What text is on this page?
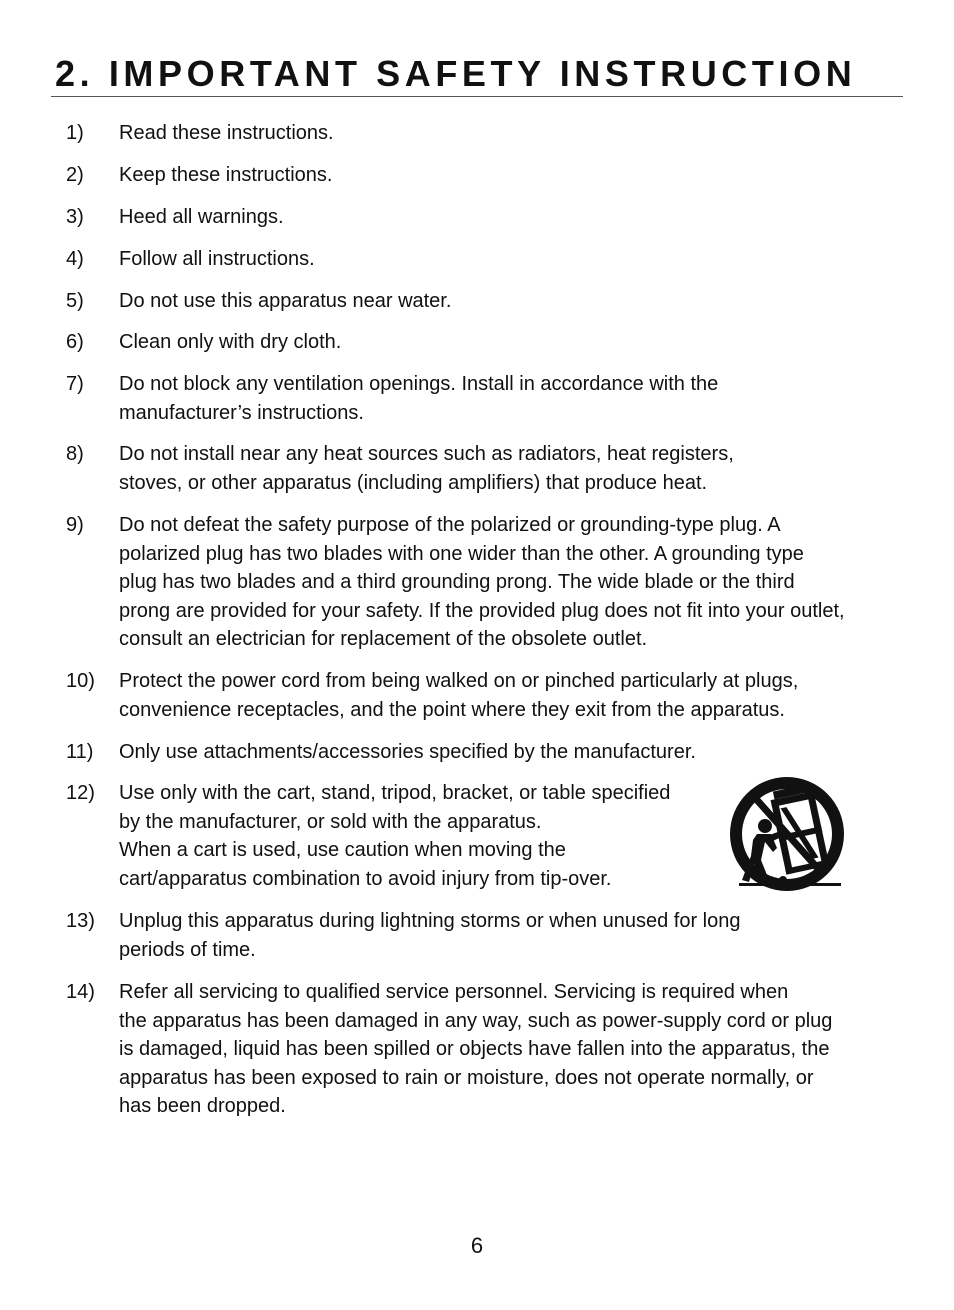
2. IMPORTANT SAFETY INSTRUCTION
1) Read these instructions.
2) Keep these instructions.
3) Heed all warnings.
4) Follow all instructions.
5) Do not use this apparatus near water.
6) Clean only with dry cloth.
7) Do not block any ventilation openings. Install in accordance with the
manufacturer’s instructions.
8) Do not install near any heat sources such as radiators, heat registers,
stoves, or other apparatus (including amplifiers) that produce heat.
9) Do not defeat the safety purpose of the polarized or grounding-type plug. A
polarized plug has two blades with one wider than the other. A grounding type
plug has two blades and a third grounding prong. The wide blade or the third
prong are provided for your safety. If the provided plug does not fit into your outlet,
consult an electrician for replacement of the obsolete outlet.
10) Protect the power cord from being walked on or pinched particularly at plugs,
convenience receptacles, and the point where they exit from the apparatus.
11) Only use attachments/accessories specified by the manufacturer.
12) Use only with the cart, stand, tripod, bracket, or table specified
by the manufacturer, or sold with the apparatus.
When a cart is used, use caution when moving the
cart/apparatus combination to avoid injury from tip-over.
13) Unplug this apparatus during lightning storms or when unused for long
periods of time.
14) Refer all servicing to qualified service personnel. Servicing is required when
the apparatus has been damaged in any way, such as power-supply cord or plug
is damaged, liquid has been spilled or objects have fallen into the apparatus, the
apparatus has been exposed to rain or moisture, does not operate normally, or
has been dropped.
6
